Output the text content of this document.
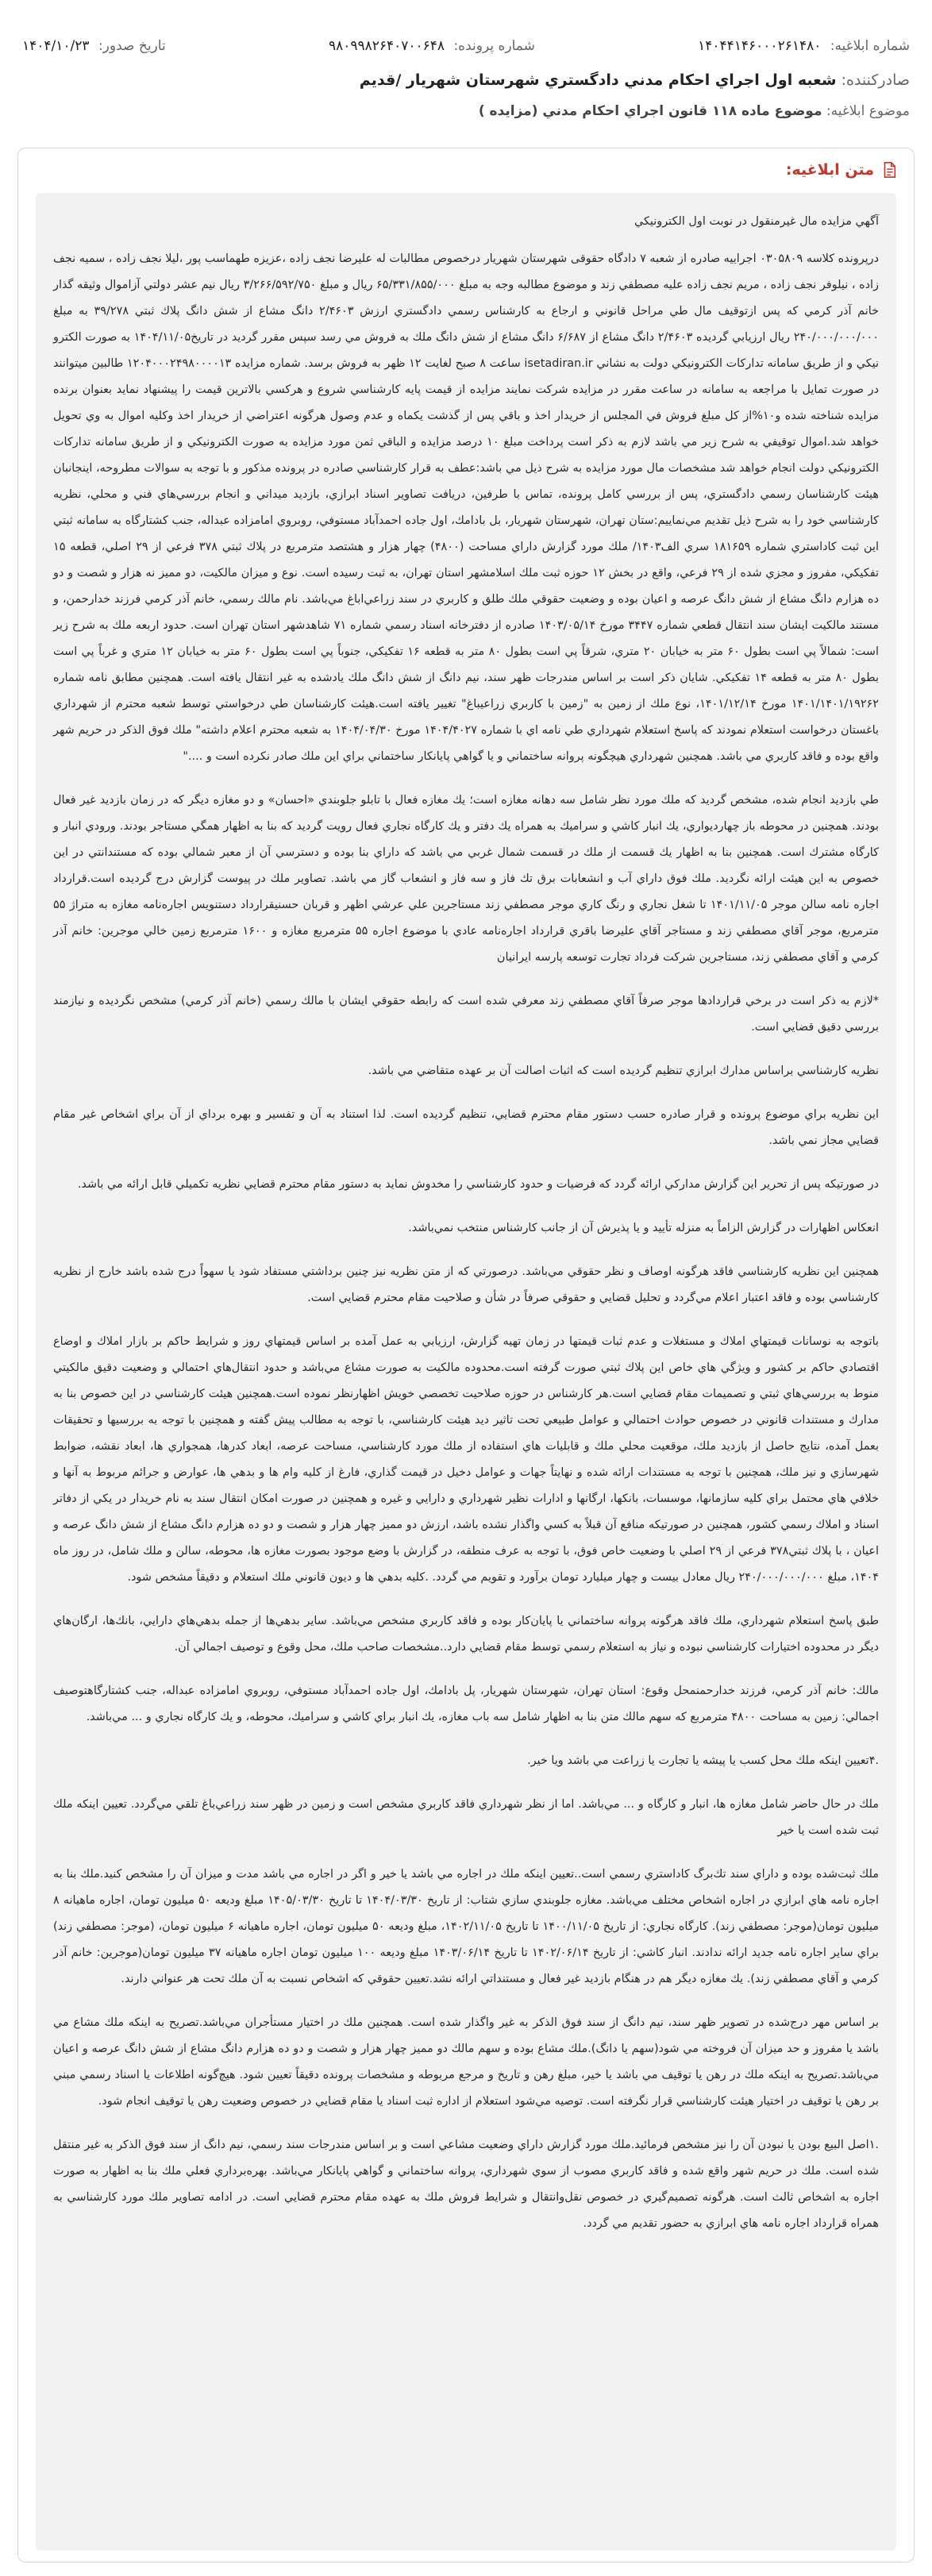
شماره ابلاغیه: ۱۴۰۴۴۱۴۶۰۰۰۲۶۱۴۸۰
شماره پرونده: ۹۸۰۹۹۸۲۶۴۰۷۰۰۶۴۸
تاریخ صدور: ۱۴۰۴/۱۰/۲۳
صادرکننده: شعبه اول اجراي احكام مدني دادگستري شهرستان شهريار /قديم
موضوع ابلاغیه: موضوع ماده ۱۱۸ قانون اجراي احكام مدني (مزايده )
متن ابلاغیه:

آگهي مزايده مال غيرمنقول در نوبت اول الكترونيكي

درپرونده كلاسه ۰۳۰۵۸۰۹ اجراييه صادره از شعبه ۷ دادگاه حقوقی شهرستان شهريار درخصوص مطالبات له عليرضا نجف زاده ،عزيزه طهماسب پور ،ليلا نجف زاده ، سميه نجف زاده ، نيلوفر نجف زاده ، مريم نجف زاده عليه مصطفي زند و موضوع مطالبه وجه به مبلغ ۶۵/۳۳۱/۸۵۵/۰۰۰ ريال و مبلغ ۳/۲۶۶/۵۹۲/۷۵۰ ريال نيم عشر دولتي آزاموال وثيقه گذار خانم آذر كرمي كه پس ازتوقيف مال طي مراحل قانوني و ارجاع به كارشناس رسمي دادگستري ارزش ۲/۴۶۰۳ دانگ مشاع از شش دانگ پلاك ثبتي ۳۹/۲۷۸ به مبلغ ۲۴۰/۰۰۰/۰۰۰/۰۰۰ ريال ارزيابي گرديده ۲/۴۶۰۳ دانگ مشاع از ۶/۶۸۷ دانگ مشاع از شش دانگ ملك به فروش مي رسد سپس مقرر گرديد در تاريخ۱۴۰۴/۱۱/۰۵ به صورت الكترو نيكي و از طريق سامانه تداركات الكترونيكي دولت به نشاني isetadiran.ir ساعت ۸ صبح لغايت ۱۲ ظهر به فروش برسد. شماره مزايده ۱۲۰۴۰۰۰۲۴۹۸۰۰۰۰۱۳ طالبين ميتوانند در صورت تمايل با مراجعه به سامانه در ساعت مقرر در مزايده شركت نمايند مزايده از قيمت پايه كارشناسي شروع و هركسي بالاترين قيمت را پيشنهاد نمايد بعنوان برنده مزايده شناخته شده و۱۰%از كل مبلغ فروش في المجلس از خريدار اخذ و باقي پس از گذشت يكماه و عدم وصول هرگونه اعتراضي از خريدار اخذ وكليه اموال به وي تحويل خواهد شد.اموال توقيفي به شرح زير مي باشد لازم به ذكر است پرداخت مبلغ ۱۰ درصد مزايده و الباقي ثمن مورد مزايده به صورت الكترونيكي و از طريق سامانه تداركات الكترونيكي دولت انجام خواهد شد مشخصات مال مورد مزايده به شرح ذيل مي باشد:عطف به قرار كارشناسي صادره در پرونده مذكور و با توجه به سوالات مطروحه، اينجانبان هيئت كارشناسان رسمي دادگستري، پس از بررسي كامل پرونده، تماس با طرفين، دريافت تصاوير اسناد ابرازي، بازديد ميداني و انجام بررسي‌هاي فني و محلي، نظريه كارشناسي خود را به شرح ذيل تقديم مي‌نماييم:ستان تهران، شهرستان شهريار، بل بادامك، اول جاده احمدآباد مستوفي، روبروي امامزاده عبداله، جنب كشتارگاه به سامانه ثبتي اين ثبت كاداستري شماره ۱۸۱۶۵۹ سري الف۱۴۰۳/ ملك مورد گزارش داراي مساحت (۴۸۰۰) چهار هزار و هشتصد مترمربع در پلاك ثبتي ۳۷۸ فرعي از ۲۹ اصلي، قطعه ۱۵ تفكيكي، مفروز و مجزي شده از ۲۹ فرعي، واقع در بخش ۱۲ حوزه ثبت ملك اسلامشهر استان تهران، به ثبت رسيده است. نوع و ميزان مالكيت، دو مميز نه هزار و شصت و دو ده هزارم دانگ مشاع از شش دانگ عرصه و اعيان بوده و وضعيت حقوقي ملك طلق و كاربري در سند زراعي‌اباغ مي‌باشد. نام مالك رسمي، خانم آذر كرمي فرزند خدارحمن، و مستند مالكيت ايشان سند انتقال قطعي شماره ۳۴۴۷ مورخ ۱۴۰۳/۰۵/۱۴ صادره از دفترخانه اسناد رسمي شماره ۷۱ شاهدشهر استان تهران است. حدود اربعه ملك به شرح زير است: شمالاً پي است بطول ۶۰ متر به خيابان ۲۰ متري، شرقاً پي است بطول ۸۰ متر به قطعه ۱۶ تفكيكي، جنوباً پي است بطول ۶۰ متر به خيابان ۱۲ متري و غرباً پي است بطول ۸۰ متر به قطعه ۱۴ تفكيكي. شايان ذكر است بر اساس مندرجات ظهر سند، نيم دانگ از شش دانگ ملك يادشده به غير انتقال يافته است. همچنين مطابق نامه شماره ۱۴۰۱/۱۴۰۱/۱۹۲۶۲ مورخ ۱۴۰۱/۱۲/۱۴، نوع ملك از زمين به "زمين با كاربري زراعيباغ" تغيير يافته است.هيئت كارشناسان طي درخواستي توسط شعبه محترم از شهرداري باغستان درخواست استعلام نمودند كه پاسخ استعلام شهرداري طي نامه اي با شماره ۱۴۰۴/۴۰۲۷ مورخ ۱۴۰۴/۰۴/۳۰ به شعبه محترم اعلام داشته" ملك فوق الذكر در حريم شهر واقع بوده و فاقد كاربري مي باشد. همچنين شهرداري هيچگونه پروانه ساختماني و يا گواهي پايانكار ساختماني براي اين ملك صادر نكرده است و ...."

طي بازديد انجام شده، مشخص گرديد كه ملك مورد نظر شامل سه دهانه مغازه است؛ يك مغازه فعال با تابلو جلوبندي «احسان» و دو مغازه ديگر كه در زمان بازديد غير فعال بودند. همچنين در محوطه باز چهاردیواري، يك انبار كاشي و سراميك به همراه يك دفتر و يك كارگاه نجاري فعال رويت گرديد كه بنا به اظهار همگي مستاجر بودند. ورودي انبار و كارگاه مشترك است. همچنين بنا به اظهار يك قسمت از ملك در قسمت شمال غربي مي باشد كه داراي بنا بوده و دسترسي آن از معبر شمالي بوده كه مستندانتي در اين خصوص به اين هيئت ارائه نگرديد. ملك فوق داراي آب و انشعابات برق تك فاز و سه فاز و انشعاب گاز مي باشد. تصاوير ملك در پيوست گزارش درج گرديده است.قرارداد اجاره نامه سالن موجر ۱۴۰۱/۱۱/۰۵ تا شغل نجاري و رنگ كاري موجر مصطفي زند مستاجرين علي عرشي اظهر و قربان حسنيقرارداد دستنويس اجاره‌نامه مغازه به متراژ ۵۵ مترمربع، موجر آقاي مصطفي زند و مستاجر آقاي عليرضا باقري قرارداد اجاره‌نامه عادي با موضوع اجاره ۵۵ مترمربع مغازه و ۱۶۰۰ مترمربع زمين خالي موجرين: خانم آذر كرمي و آقاي مصطفي زند، مستاجرين شركت فرداد تجارت توسعه پارسه ايرانيان

*لازم به ذكر است در برخي قراردادها موجر صرفاً آقاي مصطفي زند معرفي شده است كه رابطه حقوقي ايشان با مالك رسمي (خانم آذر كرمي) مشخص نگرديده و نيازمند بررسي دقيق قضايي است.

نظريه كارشناسي براساس مدارك ابرازي تنظيم گرديده است كه اثبات اصالت آن بر عهده متقاضي مي باشد.

اين نظريه براي موضوع پرونده و قرار صادره حسب دستور مقام محترم قضايي، تنظيم گرديده است. لذا استناد به آن و تفسير و بهره برداي از آن براي اشخاص غير مقام قضايي مجاز نمي باشد.

در صورتيكه پس از تحرير اين گزارش مدارکي ارائه گردد كه فرضيات و حدود كارشناسي را مخدوش نمايد به دستور مقام محترم قضايي نظريه تكميلي قابل ارائه مي باشد.

انعكاس اظهارات در گزارش الزاماً به منزله تأييد و يا پذيرش آن از جانب كارشناس منتخب نمي‌باشد.

همچنين اين نظريه كارشناسي فاقد هرگونه اوصاف و نظر حقوقي مي‌باشد. درصورتي كه از متن نظريه نيز چنين برداشتي مستفاد شود يا سهواً درج شده باشد خارج از نظريه كارشناسي بوده و فاقد اعتبار اعلام مي‌گردد و تحليل قضايي و حقوقي صرفاً در شأن و صلاحيت مقام محترم قضايي است.

باتوجه به نوسانات قيمتهاي املاك و مستغلات و عدم ثبات قيمتها در زمان تهيه گزارش، ارزيابي به عمل آمده بر اساس قيمتهاي روز و شرايط حاكم بر بازار املاك و اوضاع اقتصادي حاكم بر كشور و ويژگي هاي خاص اين پلاك ثبتي صورت گرفته است.محدوده مالكيت به صورت مشاع مي‌باشد و حدود انتقال‌هاي احتمالي و وضعيت دقيق مالكيتي منوط به بررسي‌هاي ثبتي و تصميمات مقام قضايي است.هر كارشناس در حوزه صلاحيت تخصصي خويش اظهارنظر نموده است.همچنين هيئت كارشناسي در اين خصوص بنا به مدارك و مستندات قانوني در خصوص حوادث احتمالي و عوامل طبيعي تحت تاثير ديد هيئت كارشناسي، با توجه به مطالب پيش گفته و همچنين با توجه به بررسيها و تحقيقات بعمل آمده، نتايج حاصل از بازديد ملك، موقعيت محلي ملك و قابليات هاي استفاده از ملك مورد كارشناسي، مساحت عرصه، ابعاد كدرها، همجواري ها، ابعاد نقشه، ضوابط شهرسازي و نيز ملك، همچنين با توجه به مستندات ارائه شده و نهايتاً جهات و عوامل دخيل در قيمت گذاري، فارغ از كليه وام ها و بدهي ها، عوارض و جرائم مربوط به آنها و خلافي هاي محتمل براي كليه سازمانها، موسسات، بانكها، ارگانها و ادارات نظير شهرداري و دارايي و غيره و همچنين در صورت امكان انتقال سند به نام خريدار در يكي از دفاتر اسناد و املاك رسمي كشور، همچنين در صورتيكه منافع آن قبلاً به كسي واگذار نشده باشد، ارزش دو مميز چهار هزار و شصت و دو ده هزارم دانگ مشاع از شش دانگ عرصه و اعيان ، با پلاك ثبتي۳۷۸ فرعي از ۲۹ اصلي با وضعيت خاص فوق، با توجه به عرف منطقه، در گزارش با وضع موجود بصورت مغازه ها، محوطه، سالن و ملك شامل، در روز ماه ۱۴۰۴، مبلغ ۲۴۰/۰۰۰/۰۰۰/۰۰۰ ريال معادل بيست و چهار ميليارد تومان برآورد و تقويم مي گردد. .كليه بدهي ها و دیون قانوني ملك استعلام و دقيقاً مشخص شود.

طبق پاسخ استعلام شهرداري، ملك فاقد هرگونه پروانه ساختماني يا پايان‌كار بوده و فاقد كاربري مشخص مي‌باشد. ساير بدهي‌ها از جمله بدهي‌هاي دارايي، بانك‌ها، ارگان‌هاي ديگر در محدوده اختيارات كارشناسي نبوده و نياز به استعلام رسمي توسط مقام قضايي دارد..مشخصات صاحب ملك، محل وقوع و توصيف اجمالي آن.

مالك: خانم آذر كرمي، فرزند خدارحمنمحل وقوع: استان تهران، شهرستان شهريار، پل بادامك، اول جاده احمدآباد مستوفي، روبروي امامزاده عبداله، جنب كشتارگاهتوصيف اجمالي: زمين به مساحت ۴۸۰۰ مترمربع كه سهم مالك متن بنا به اظهار شامل سه باب مغازه، يك انبار براي كاشي و سراميك، محوطه، و يك كارگاه نجاري و ... مي‌باشد.

.۴تعيين اينكه ملك محل كسب يا پيشه يا تجارت يا زراعت مي باشد ويا خير.

ملك در حال حاضر شامل مغازه ها، انبار و كارگاه و ... مي‌باشد. اما از نظر شهرداري فاقد كاربري مشخص است و زمين در ظهر سند زراعي‌باغ تلقي مي‌گردد. تعيين اينكه ملك ثبت شده است يا خير

ملك ثبت‌شده بوده و داراي سند تك‌برگ كاداستري رسمي است..تعيين اينكه ملك در اجاره مي باشد يا خير و اگر در اجاره مي باشد مدت و ميزان آن را مشخص كنيد.ملك بنا به اجاره نامه هاي ابرازي در اجاره اشخاص مختلف مي‌باشد. مغازه جلوبندي سازي شتاب: از تاريخ ۱۴۰۴/۰۳/۳۰ تا تاريخ ۱۴۰۵/۰۳/۳۰ مبلغ وديعه ۵۰ ميليون تومان، اجاره ماهيانه ۸ ميليون تومان(موجر: مصطفي زند). كارگاه نجاري: از تاريخ ۱۴۰۰/۱۱/۰۵ تا تاريخ ۱۴۰۲/۱۱/۰۵، مبلغ وديعه ۵۰ ميليون تومان، اجاره ماهيانه ۶ ميليون تومان، (موجر: مصطفي زند) براي ساير اجاره نامه جديد ارائه ندادند. انبار كاشي: از تاريخ ۱۴۰۲/۰۶/۱۴ تا تاريخ ۱۴۰۳/۰۶/۱۴ مبلغ وديعه ۱۰۰ ميليون تومان اجاره ماهيانه ۳۷ ميليون تومان(موجرين: خانم آذر كرمي و آقاي مصطفي زند). يك مغازه ديگر هم در هنگام بازديد غير فعال و مستنداتي ارائه نشد.تعيين حقوقي كه اشخاص نسبت به آن ملك تحت هر عنواني دارند.

بر اساس مهر درج‌شده در تصوير ظهر سند، نيم دانگ از سند فوق الذكر به غير واگذار شده است. همچنين ملك در اختيار مستأجران مي‌باشد.تصريح به اينكه ملك مشاع مي باشد يا مفروز و حد ميزان آن فروخته مي شود(سهم يا دانگ).ملك مشاع بوده و سهم مالك دو مميز چهار هزار و شصت و دو ده هزارم دانگ مشاع از شش دانگ عرصه و اعيان مي‌باشد.تصريح به اينكه ملك در رهن يا توقيف مي باشد يا خير، مبلغ رهن و تاريخ و مرجع مربوطه و مشخصات پرونده دقيقاً تعيين شود. هيچ‌گونه اطلاعات يا اسناد رسمي مبني بر رهن يا توقيف در اختيار هيئت كارشناسي قرار نگرفته است. توصيه مي‌شود استعلام از اداره ثبت اسناد يا مقام قضايي در خصوص وضعيت رهن يا توقيف انجام شود.

.۱اصل البيع بودن يا نبودن آن را نيز مشخص فرمائيد.ملك مورد گزارش داراي وضعيت مشاعي است و بر اساس مندرجات سند رسمي، نيم دانگ از سند فوق الذكر به غير منتقل شده است. ملك در حريم شهر واقع شده و فاقد كاربري مصوب از سوي شهرداري، پروانه ساختماني و گواهي پايانكار مي‌باشد. بهره‌برداري فعلي ملك بنا به اظهار به صورت اجاره به اشخاص ثالث است. هرگونه تصميم‌گيري در خصوص نقل‌وانتقال و شرايط فروش ملك به عهده مقام محترم قضايي است. در ادامه تصاوير ملك مورد كارشناسي به همراه قرارداد اجاره نامه هاي ابرازي به حضور تقديم مي گردد.
